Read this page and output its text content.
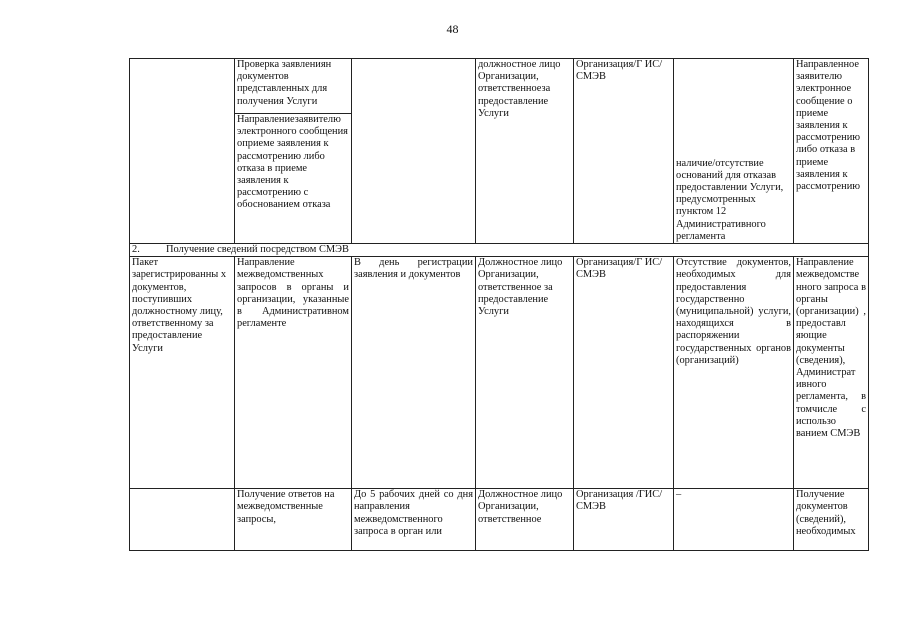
48
	Проверка заявлениян документов представленных для получения Услуги		должностное лицо Организации, ответственноеза предоставление Услуги	Организация/Г ИС/ СМЭВ		Направленное заявителю электронное сообщение о приеме заявления к рассмотрению либо отказа в приеме заявления к рассмотрению
	Направлениезаявителю электронного сообщения оприеме заявления к рассмотрению либо отказа в приеме заявления к рассмотрению с обоснованием отказа				наличие/отсутствие оснований для отказав предоставлении Услуги, предусмотренных пунктом 12 Административного регламента	
2. Получение сведений посредством СМЭВ						
Пакет зарегистрированны х документов, поступивших должностному лицу, ответственному за предоставление Услуги	Направление межведомственных запросов в органы и организации, указанные в Административном регламенте	В день регистрации заявления и документов	Должностное лицо Организации, ответственное за предоставление Услуги	Организация/Г ИС/ СМЭВ	Отсутствие документов, необходимых для предоставления государственно (муниципальной) услуги, находящихся в распоряжении государственных органов (организаций)	Направление межведомстве нного запроса в органы (организации) , предоставл яющие документы (сведения), Администрат ивного регламента, в томчисле с использо ванием СМЭВ
	Получение ответов на межведомственные запросы,	До 5 рабочих дней со дня направления межведомственного запроса в орган или	Должностное лицо Организации, ответственное	Организация /ГИС/ СМЭВ	–	Получение документов (сведений), необходимых
